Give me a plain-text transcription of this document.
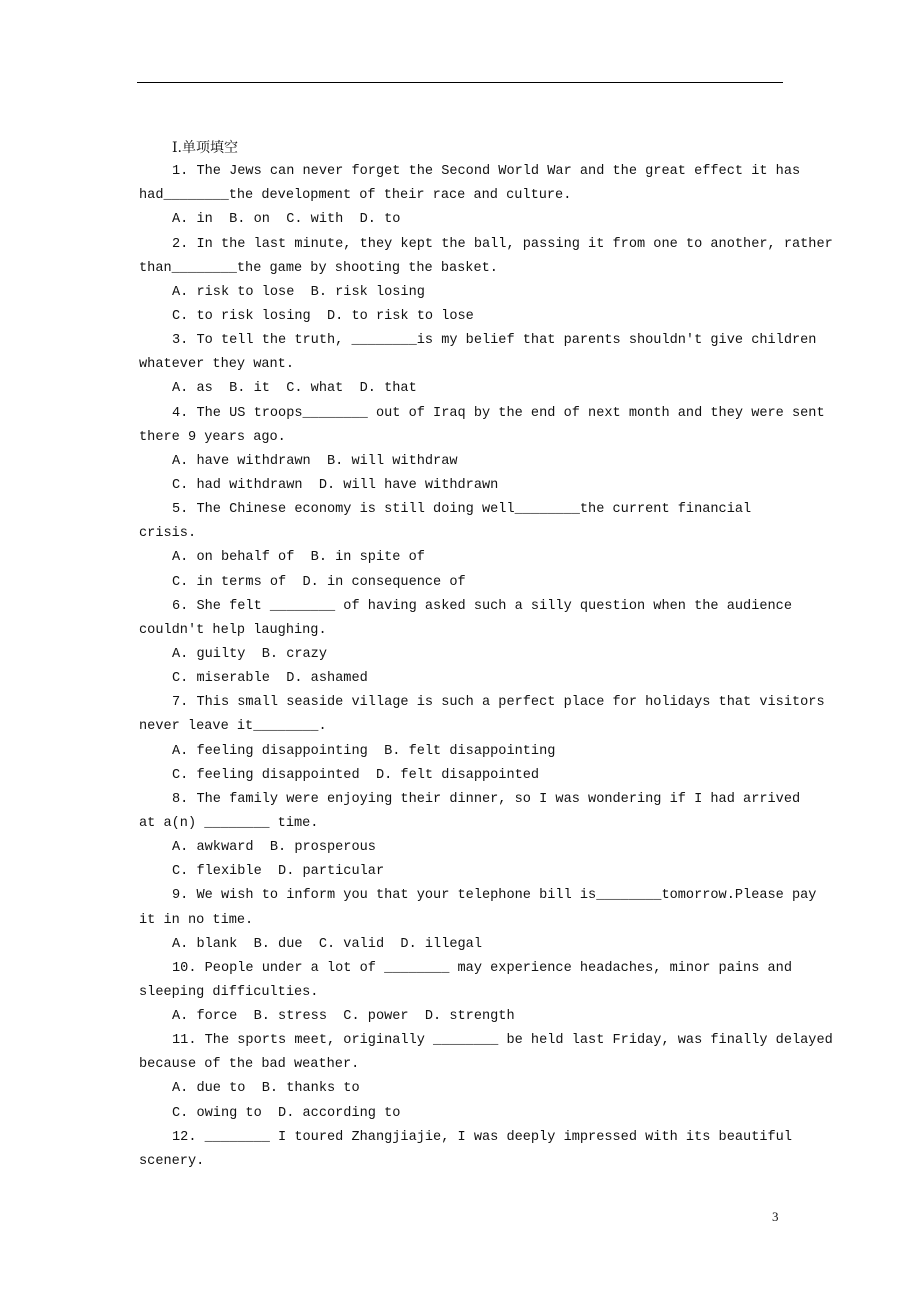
Ⅰ.单项填空
1. The Jews can never forget the Second World War and the great effect it has
had________the development of their race and culture.
A. in  B. on  C. with  D. to
2. In the last minute, they kept the ball, passing it from one to another, rather
than________the game by shooting the basket.
A. risk to lose  B. risk losing
C. to risk losing  D. to risk to lose
3. To tell the truth, ________is my belief that parents shouldn't give children
whatever they want.
A. as  B. it  C. what  D. that
4. The US troops________ out of Iraq by the end of next month and they were sent
there 9 years ago.
A. have withdrawn  B. will withdraw
C. had withdrawn  D. will have withdrawn
5. The Chinese economy is still doing well________the current financial
crisis.
A. on behalf of  B. in spite of
C. in terms of  D. in consequence of
6. She felt ________ of having asked such a silly question when the audience
couldn't help laughing.
A. guilty  B. crazy
C. miserable  D. ashamed
7. This small seaside village is such a perfect place for holidays that visitors
never leave it________.
A. feeling disappointing  B. felt disappointing
C. feeling disappointed  D. felt disappointed
8. The family were enjoying their dinner, so I was wondering if I had arrived
at a(n) ________ time.
A. awkward  B. prosperous
C. flexible  D. particular
9. We wish to inform you that your telephone bill is________tomorrow.Please pay
it in no time.
A. blank  B. due  C. valid  D. illegal
10. People under a lot of ________ may experience headaches, minor pains and
sleeping difficulties.
A. force  B. stress  C. power  D. strength
11. The sports meet, originally ________ be held last Friday, was finally delayed
because of the bad weather.
A. due to  B. thanks to
C. owing to  D. according to
12. ________ I toured Zhangjiajie, I was deeply impressed with its beautiful
scenery.
3
